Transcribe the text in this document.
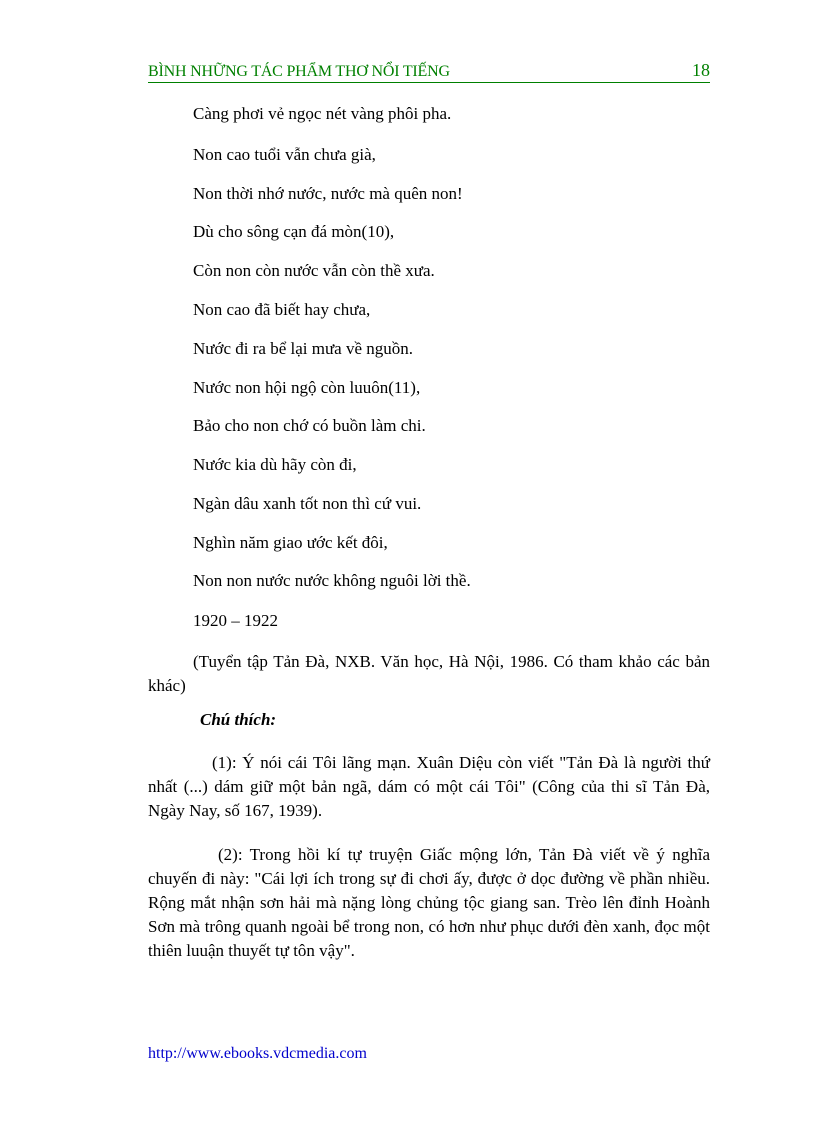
BÌNH NHỮNG TÁC PHẨM THƠ NỔI TIẾNG	18
Càng phơi vẻ ngọc nét vàng phôi pha.
Non cao tuổi vẫn chưa già,
Non thời nhớ nước, nước mà quên non!
Dù cho sông cạn đá mòn(10),
Còn non còn nước vẫn còn thề xưa.
Non cao đã biết hay chưa,
Nước đi ra bể lại mưa về nguồn.
Nước non hội ngộ còn luuôn(11),
Bảo cho non chớ có buồn làm chi.
Nước kia dù hãy còn đi,
Ngàn dâu xanh tốt non thì cứ vui.
Nghìn năm giao ước kết đôi,
Non non nước nước không nguôi lời thề.
1920 – 1922
(Tuyển tập Tản Đà, NXB. Văn học, Hà Nội, 1986. Có tham khảo các bản khác)
Chú thích:
(1): Ý nói cái Tôi lãng mạn. Xuân Diệu còn viết "Tản Đà là người thứ nhất (...) dám giữ một bản ngã, dám có một cái Tôi" (Công của thi sĩ Tản Đà, Ngày Nay, số 167, 1939).
(2): Trong hồi kí tự truyện Giấc mộng lớn, Tản Đà viết về ý nghĩa chuyến đi này: "Cái lợi ích trong sự đi chơi ấy, được ở dọc đường về phần nhiều. Rộng mắt nhận sơn hải mà nặng lòng chủng tộc giang san. Trèo lên đỉnh Hoành Sơn mà trông quanh ngoài bể trong non, có hơn như phục dưới đèn xanh, đọc một thiên luuận thuyết tự tôn vậy".
http://www.ebooks.vdcmedia.com
